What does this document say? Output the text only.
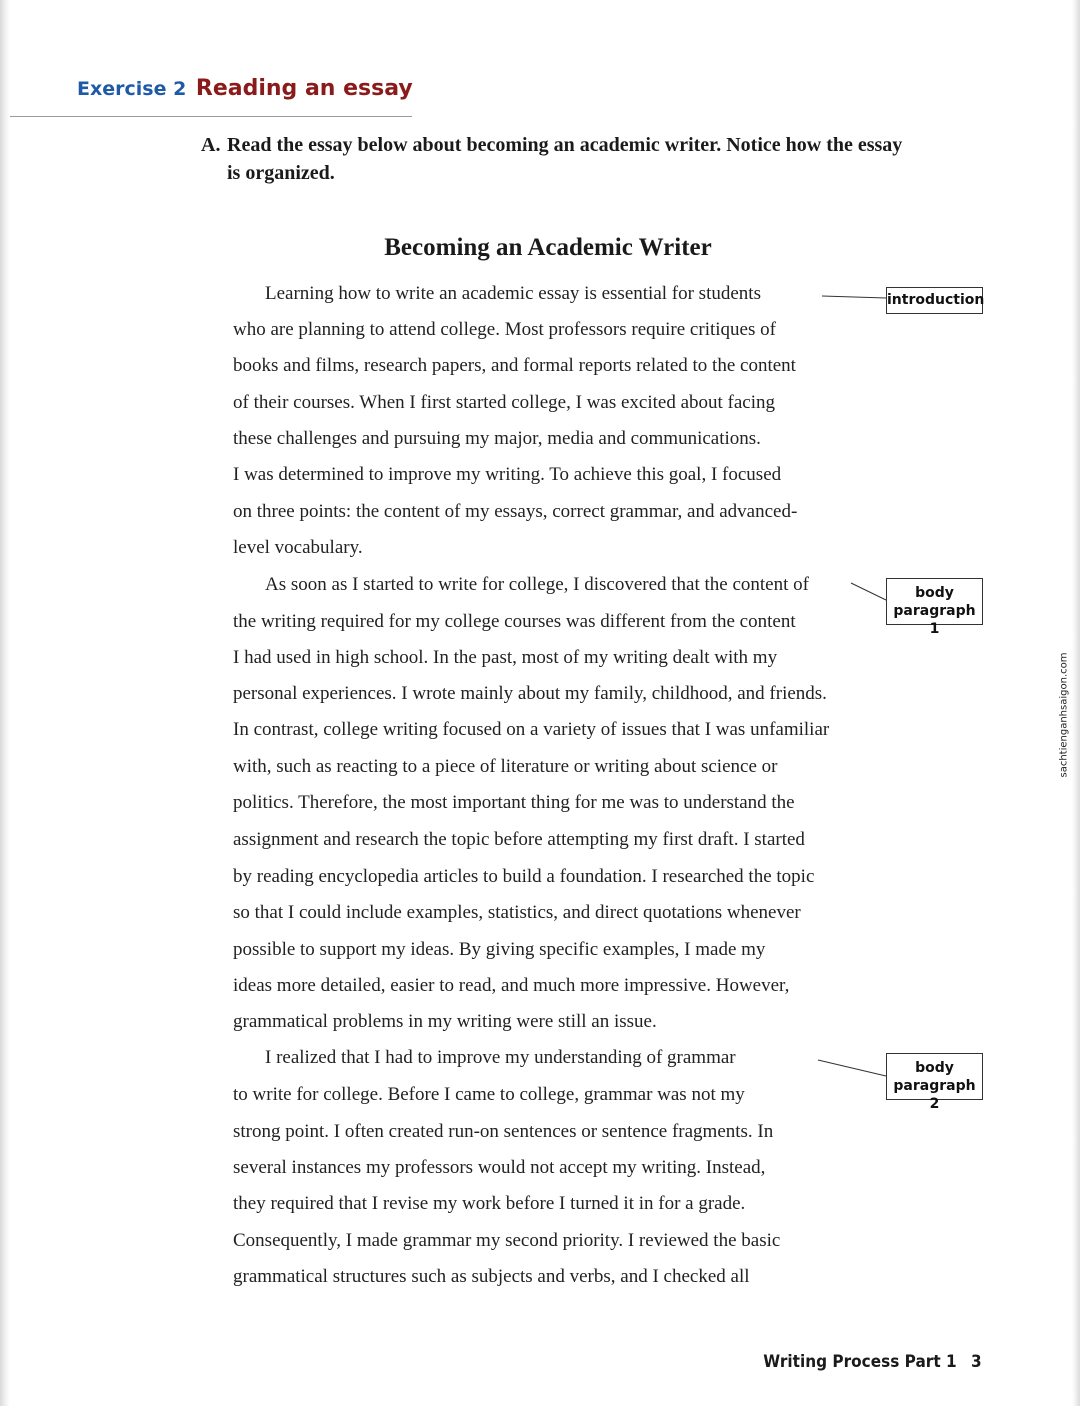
Exercise 2 Reading an essay
A. Read the essay below about becoming an academic writer. Notice how the essay
is organized.
Becoming an Academic Writer
Learning how to write an academic essay is essential for students
who are planning to attend college. Most professors require critiques of
books and films, research papers, and formal reports related to the content
of their courses. When I first started college, I was excited about facing
these challenges and pursuing my major, media and communications.
I was determined to improve my writing. To achieve this goal, I focused
on three points: the content of my essays, correct grammar, and advanced-
level vocabulary.
As soon as I started to write for college, I discovered that the content of
the writing required for my college courses was different from the content
I had used in high school. In the past, most of my writing dealt with my
personal experiences. I wrote mainly about my family, childhood, and friends.
In contrast, college writing focused on a variety of issues that I was unfamiliar
with, such as reacting to a piece of literature or writing about science or
politics. Therefore, the most important thing for me was to understand the
assignment and research the topic before attempting my first draft. I started
by reading encyclopedia articles to build a foundation. I researched the topic
so that I could include examples, statistics, and direct quotations whenever
possible to support my ideas. By giving specific examples, I made my
ideas more detailed, easier to read, and much more impressive. However,
grammatical problems in my writing were still an issue.
I realized that I had to improve my understanding of grammar
to write for college. Before I came to college, grammar was not my
strong point. I often created run-on sentences or sentence fragments. In
several instances my professors would not accept my writing. Instead,
they required that I revise my work before I turned it in for a grade.
Consequently, I made grammar my second priority. I reviewed the basic
grammatical structures such as subjects and verbs, and I checked all
introduction
body
paragraph 1
body
paragraph 2
sachtienganhsaigon.com
Writing Process Part 1 3
